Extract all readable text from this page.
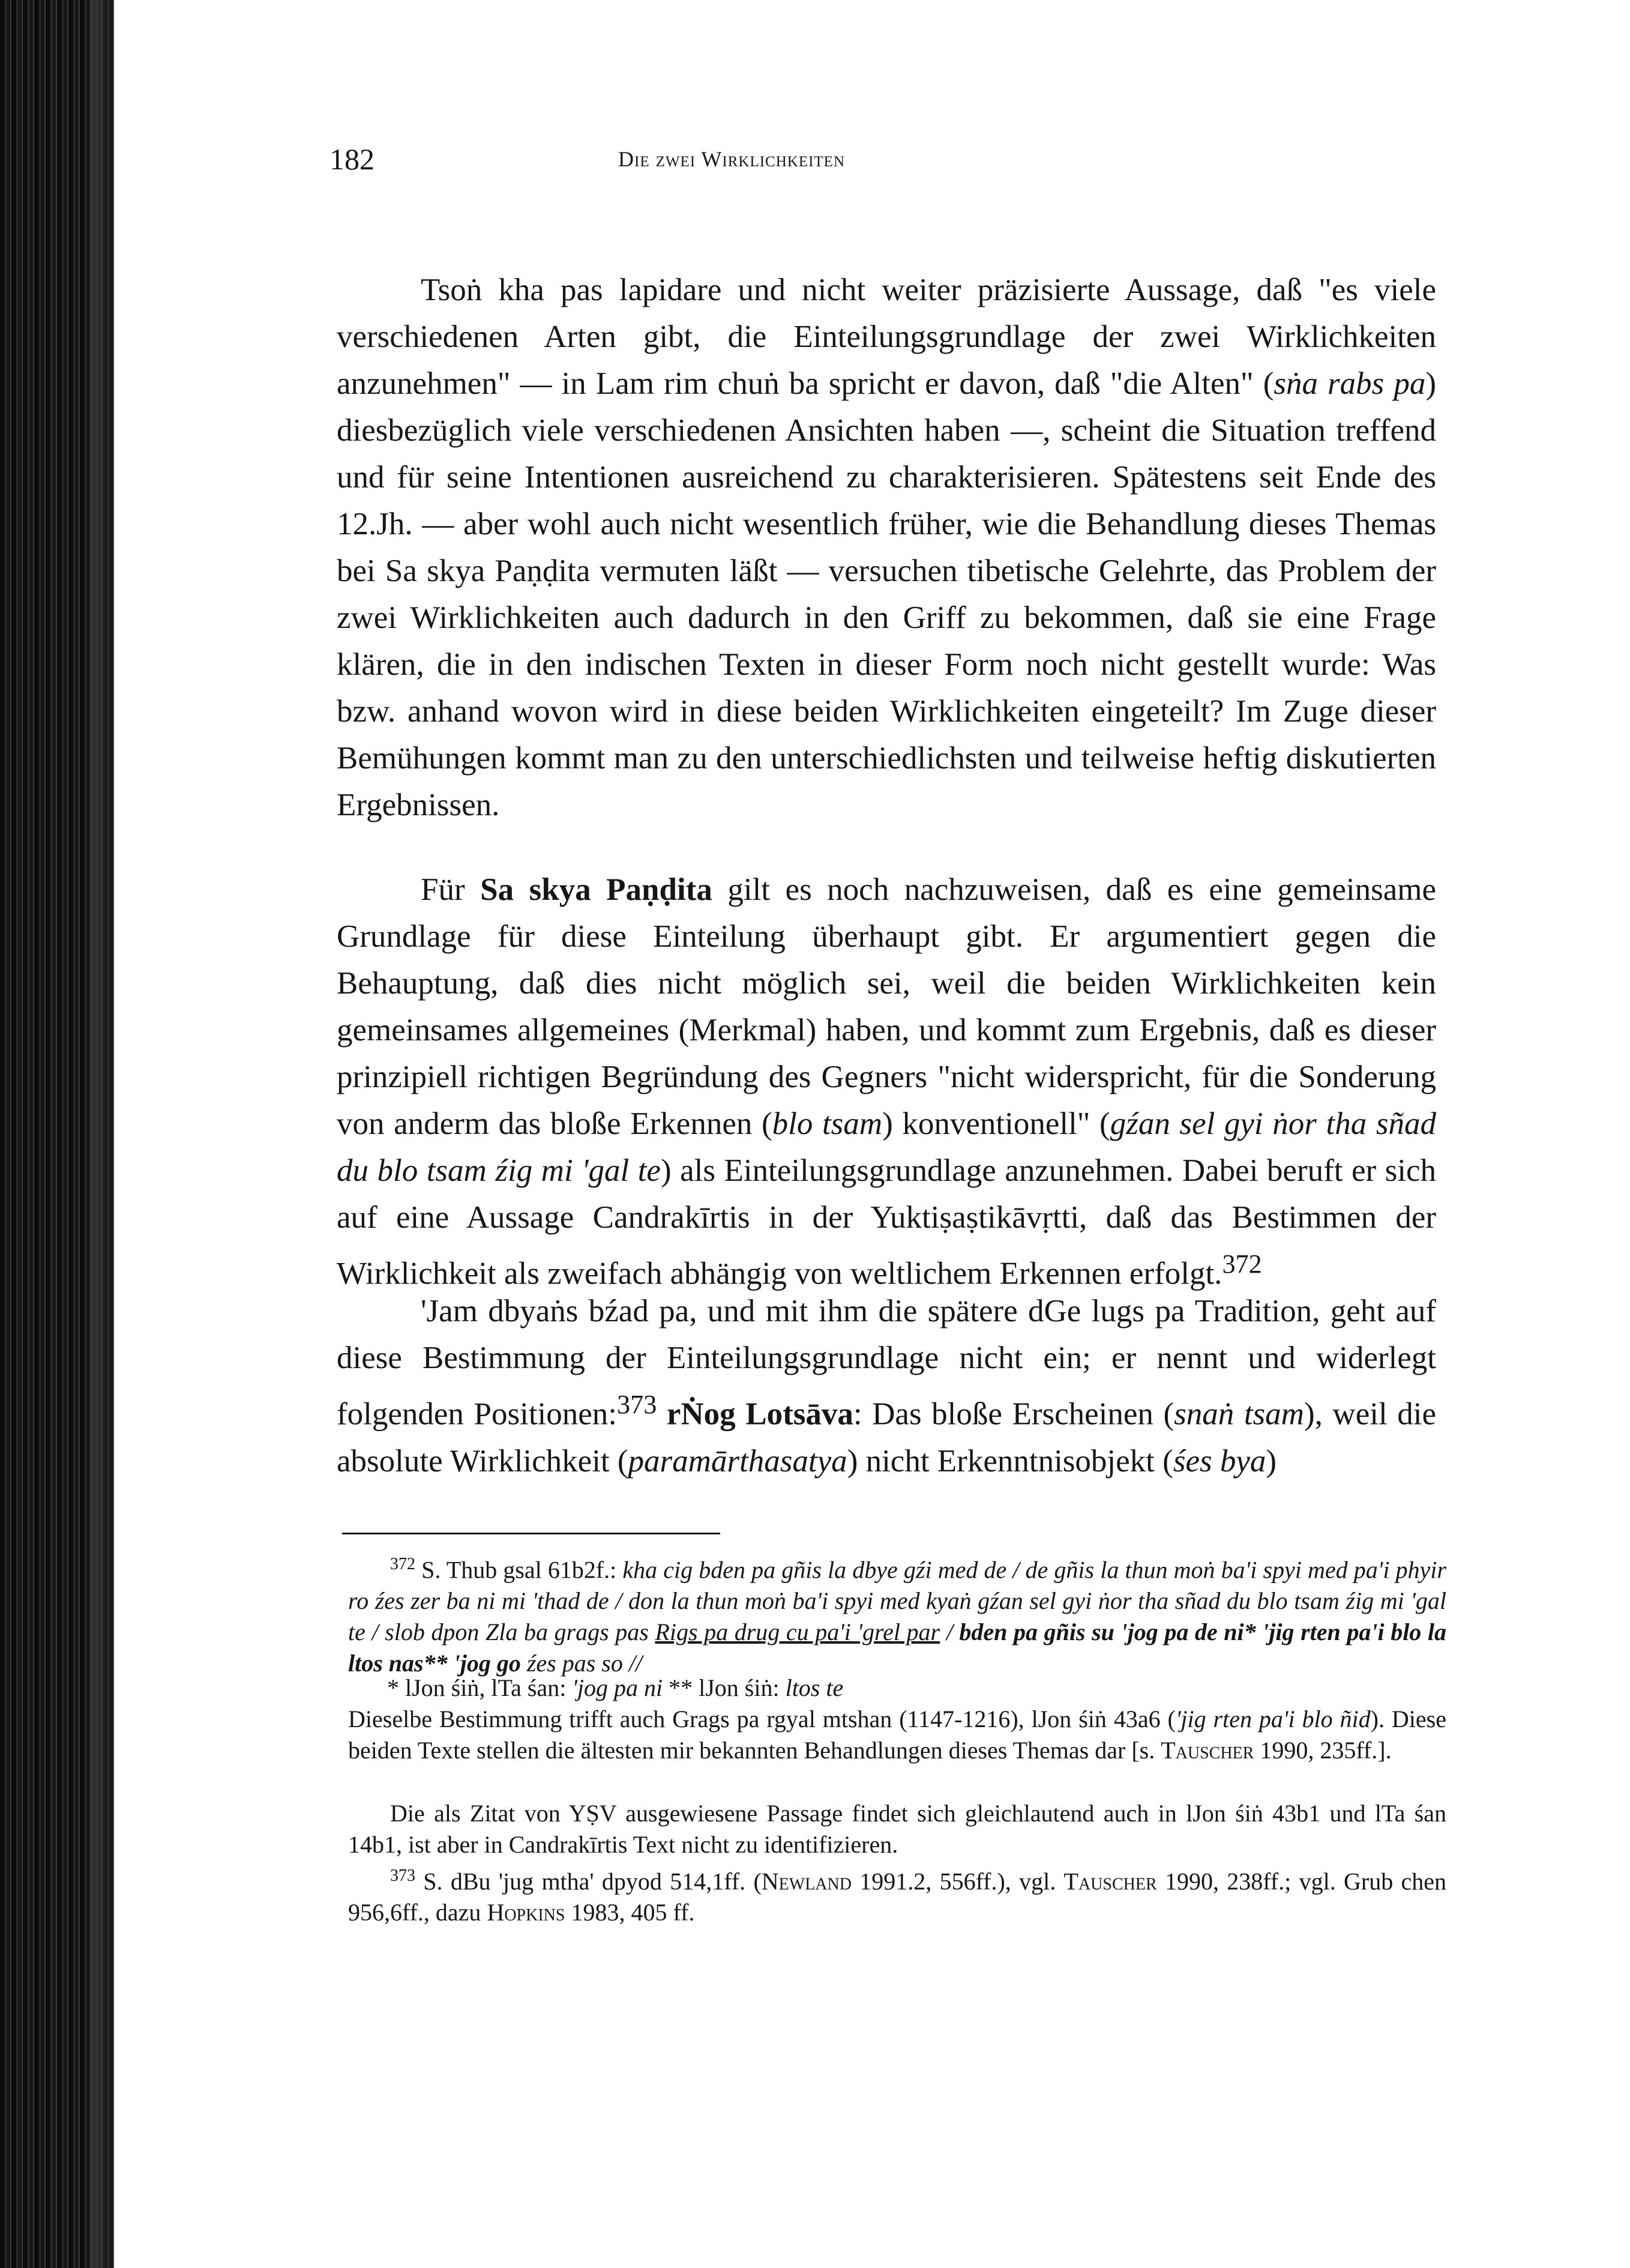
182	Die zwei Wirklichkeiten

Tsoṅ kha pas lapidare und nicht weiter präzisierte Aussage, daß "es viele verschiedenen Arten gibt, die Einteilungsgrundlage der zwei Wirklichkeiten anzunehmen" — in Lam rim chuṅ ba spricht er davon, daß "die Alten" (sṅa rabs pa) diesbezüglich viele verschiedenen Ansichten haben —, scheint die Situation treffend und für seine Intentionen ausreichend zu charakterisieren. Spätestens seit Ende des 12.Jh. — aber wohl auch nicht wesentlich früher, wie die Behandlung dieses Themas bei Sa skya Paṇḍita vermuten läßt — versuchen tibetische Gelehrte, das Problem der zwei Wirklichkeiten auch dadurch in den Griff zu bekommen, daß sie eine Frage klären, die in den indischen Texten in dieser Form noch nicht gestellt wurde: Was bzw. anhand wovon wird in diese beiden Wirklichkeiten eingeteilt? Im Zuge dieser Bemühungen kommt man zu den unterschiedlichsten und teilweise heftig diskutierten Ergebnissen.

Für Sa skya Paṇḍita gilt es noch nachzuweisen, daß es eine gemeinsame Grundlage für diese Einteilung überhaupt gibt. Er argumentiert gegen die Behauptung, daß dies nicht möglich sei, weil die beiden Wirklichkeiten kein gemeinsames allgemeines (Merkmal) haben, und kommt zum Ergebnis, daß es dieser prinzipiell richtigen Begründung des Gegners "nicht widerspricht, für die Sonderung von anderm das bloße Erkennen (blo tsam) konventionell" (gźan sel gyi ṅor tha sñad du blo tsam źig mi 'gal te) als Einteilungsgrundlage anzunehmen. Dabei beruft er sich auf eine Aussage Candrakīrtis in der Yuktiṣaṣtikāvṛtti, daß das Bestimmen der Wirklichkeit als zweifach abhängig von weltlichem Erkennen erfolgt.$^{372}$

'Jam dbyaṅs bźad pa, und mit ihm die spätere dGe lugs pa Tradition, geht auf diese Bestimmung der Einteilungsgrundlage nicht ein; er nennt und widerlegt folgenden Positionen:$^{373}$ rṄog Lotsāva: Das bloße Erscheinen (snaṅ tsam), weil die absolute Wirklichkeit (paramārthasatya) nicht Erkenntnisobjekt (śes bya)

$^{372}$ S. Thub gsal 61b2f.: kha cig bden pa gñis la dbye gźi med de / de gñis la thun moṅ ba'i spyi med pa'i phyir ro źes zer ba ni mi 'thad de / don la thun moṅ ba'i spyi med kyaṅ gźan sel gyi ṅor tha sñad du blo tsam źig mi 'gal te / slob dpon Zla ba grags pas Rigs pa drug cu pa'i 'grel par / bden pa gñis su 'jog pa de ni* 'jig rten pa'i blo la ltos nas** 'jog go źes pas so //

* lJon śiṅ, lTa śan: 'jog pa ni ** lJon śiṅ: ltos te

Dieselbe Bestimmung trifft auch Grags pa rgyal mtshan (1147-1216), lJon śiṅ 43a6 ('jig rten pa'i blo ñid). Diese beiden Texte stellen die ältesten mir bekannten Behandlungen dieses Themas dar [s. Tauscher 1990, 235ff.].

Die als Zitat von YṢV ausgewiesene Passage findet sich gleichlautend auch in lJon śiṅ 43b1 und lTa śan 14b1, ist aber in Candrakīrtis Text nicht zu identifizieren.

$^{373}$ S. dBu 'jug mtha' dpyod 514,1ff. (Newland 1991.2, 556ff.), vgl. Tauscher 1990, 238ff.; vgl. Grub chen 956,6ff., dazu Hopkins 1983, 405 ff.
